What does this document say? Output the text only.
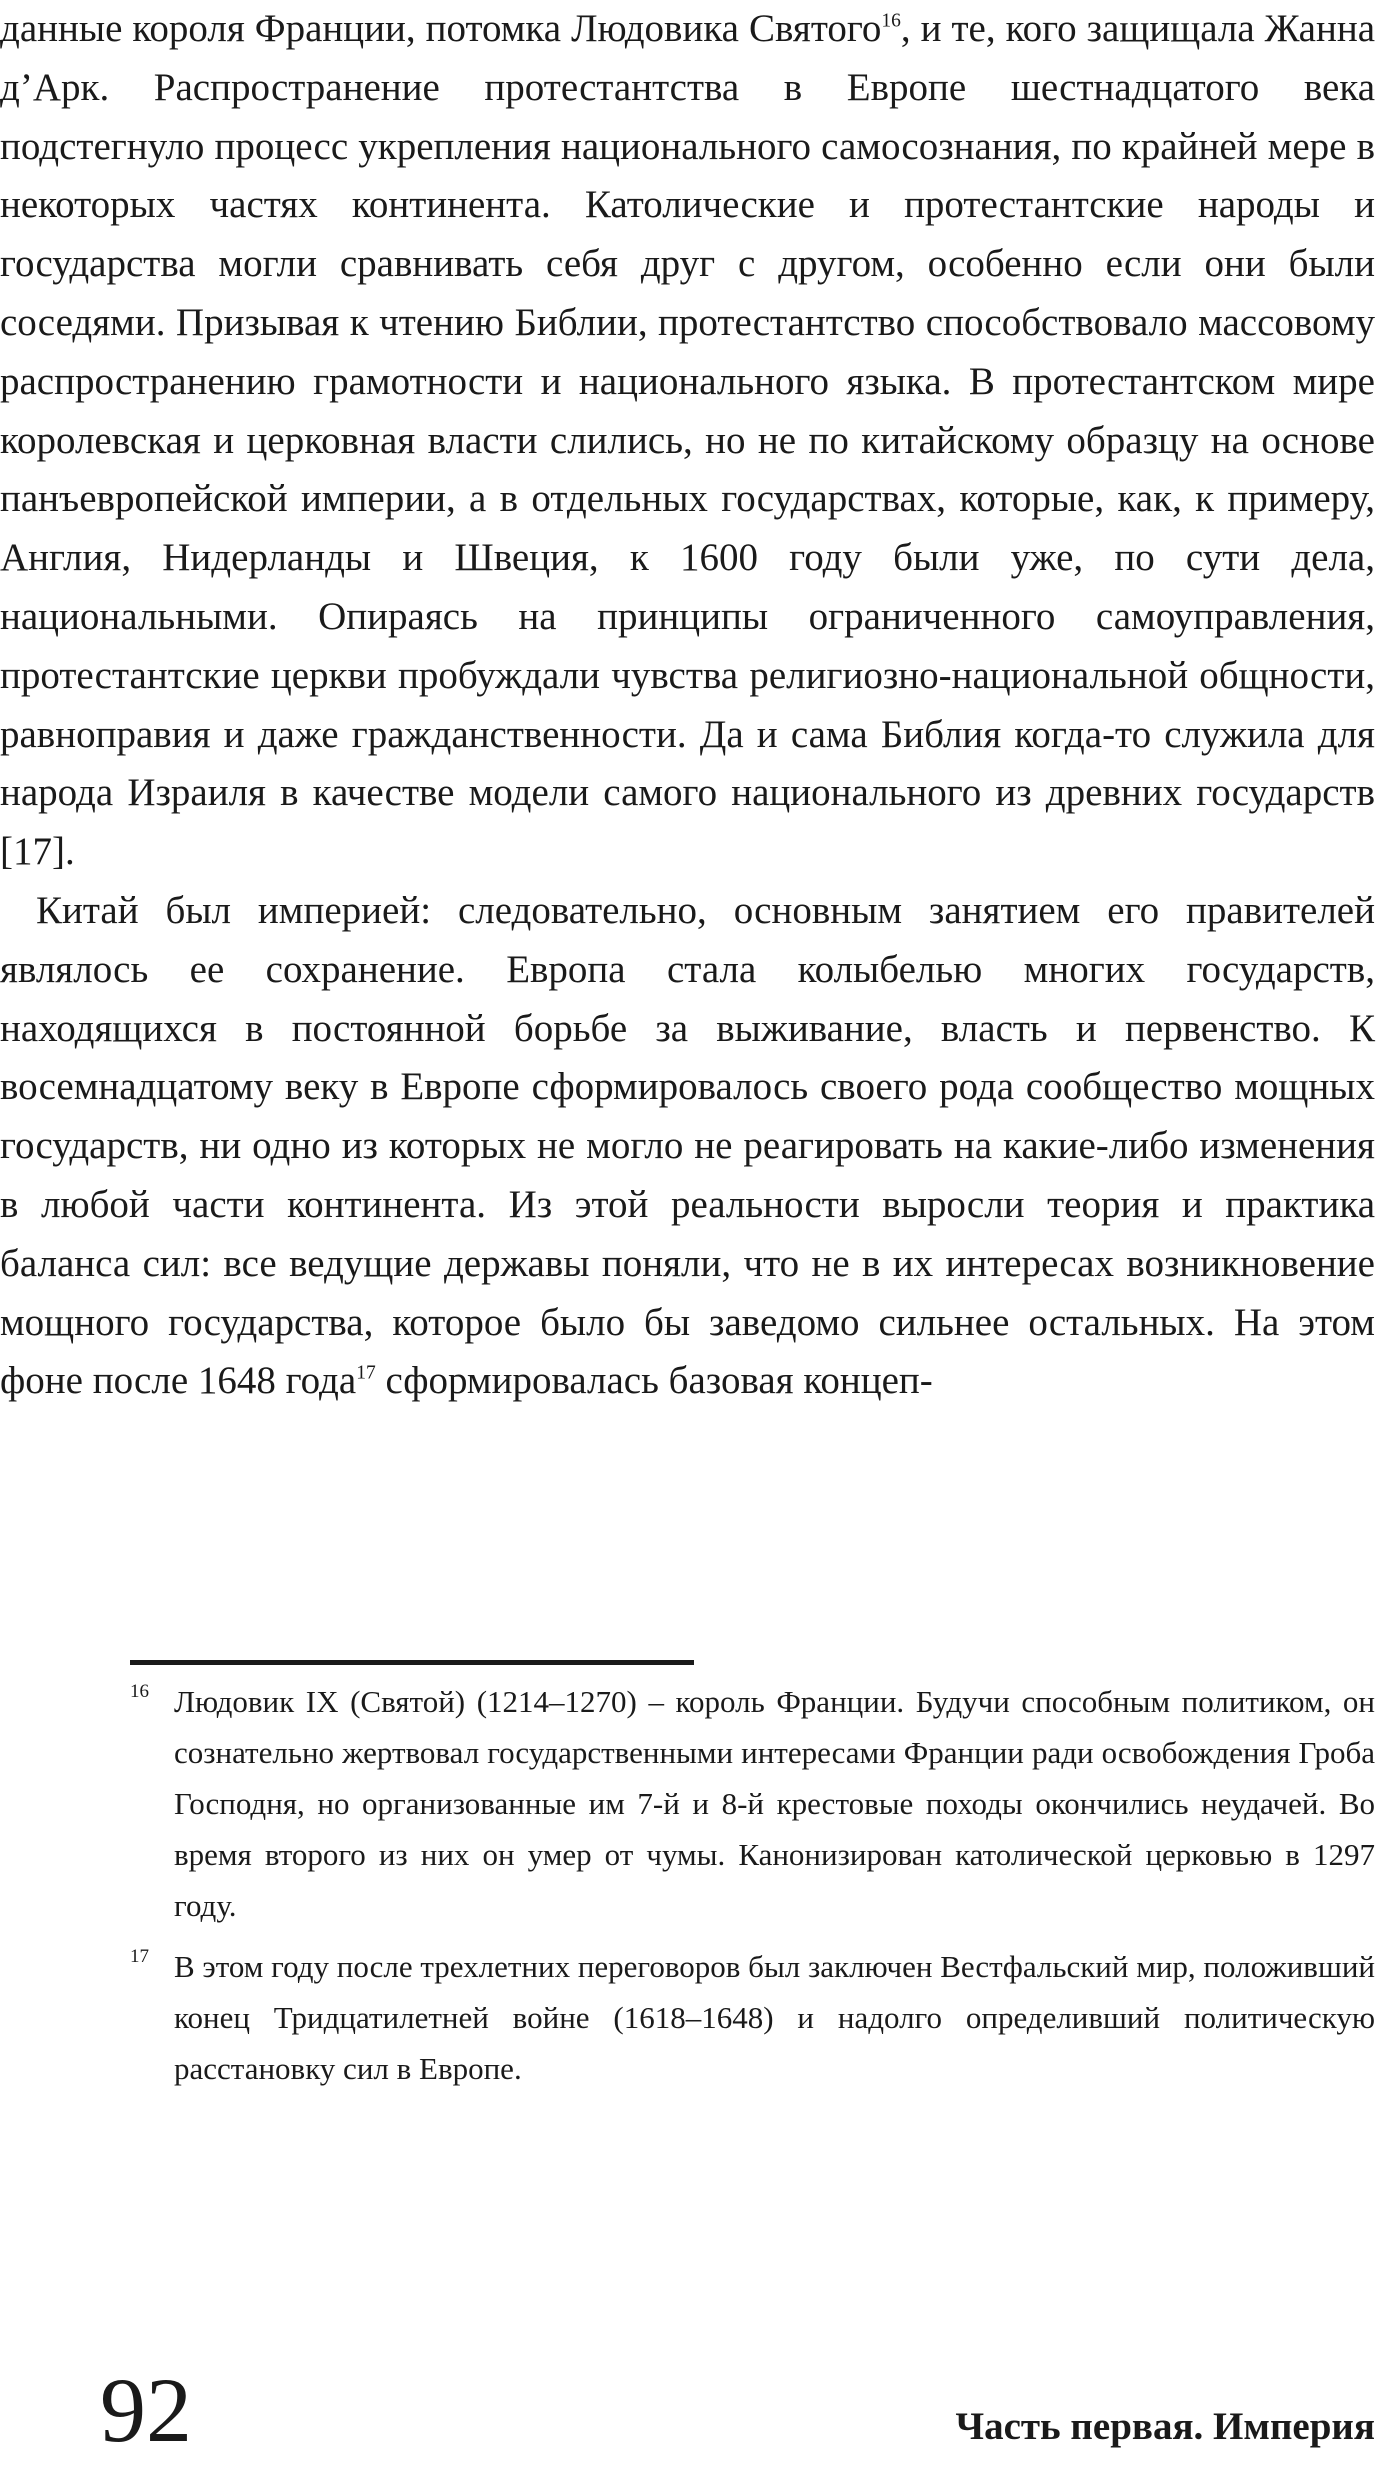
данные короля Франции, потомка Людовика Святого$^{16}$, и те, кого защищала Жанна д’Арк. Распространение протестантства в Европе шестнадцатого века подстегнуло процесс укрепления национального самосознания, по крайней мере в некоторых частях континента. Католические и протестантские народы и государства могли сравнивать себя друг с другом, особенно если они были соседями. Призывая к чтению Библии, протестантство способствовало массовому распространению грамотности и национального языка. В протестантском мире королевская и церковная власти слились, но не по китайскому образцу на основе панъевропейской империи, а в отдельных государствах, которые, как, к примеру, Англия, Нидерланды и Швеция, к 1600 году были уже, по сути дела, национальными. Опираясь на принципы ограниченного самоуправления, протестантские церкви пробуждали чувства религиозно-национальной общности, равноправия и даже гражданственности. Да и сама Библия когда-то служила для народа Израиля в качестве модели самого национального из древних государств [17].

Китай был империей: следовательно, основным занятием его правителей являлось ее сохранение. Европа стала колыбелью многих государств, находящихся в постоянной борьбе за выживание, власть и первенство. К восемнадцатому веку в Европе сформировалось своего рода сообщество мощных государств, ни одно из которых не могло не реагировать на какие-либо изменения в любой части континента. Из этой реальности выросли теория и практика баланса сил: все ведущие державы поняли, что не в их интересах возникновение мощного государства, которое было бы заведомо сильнее остальных. На этом фоне после 1648 года$^{17}$ сформировалась базовая концеп-

16 Людовик IX (Святой) (1214–1270) – король Франции. Будучи способным политиком, он сознательно жертвовал государственными интересами Франции ради освобождения Гроба Господня, но организованные им 7-й и 8-й крестовые походы окончились неудачей. Во время второго из них он умер от чумы. Канонизирован католической церковью в 1297 году.
17 В этом году после трехлетних переговоров был заключен Вестфальский мир, положивший конец Тридцатилетней войне (1618–1648) и надолго определивший политическую расстановку сил в Европе.
92	Часть первая. Империя
